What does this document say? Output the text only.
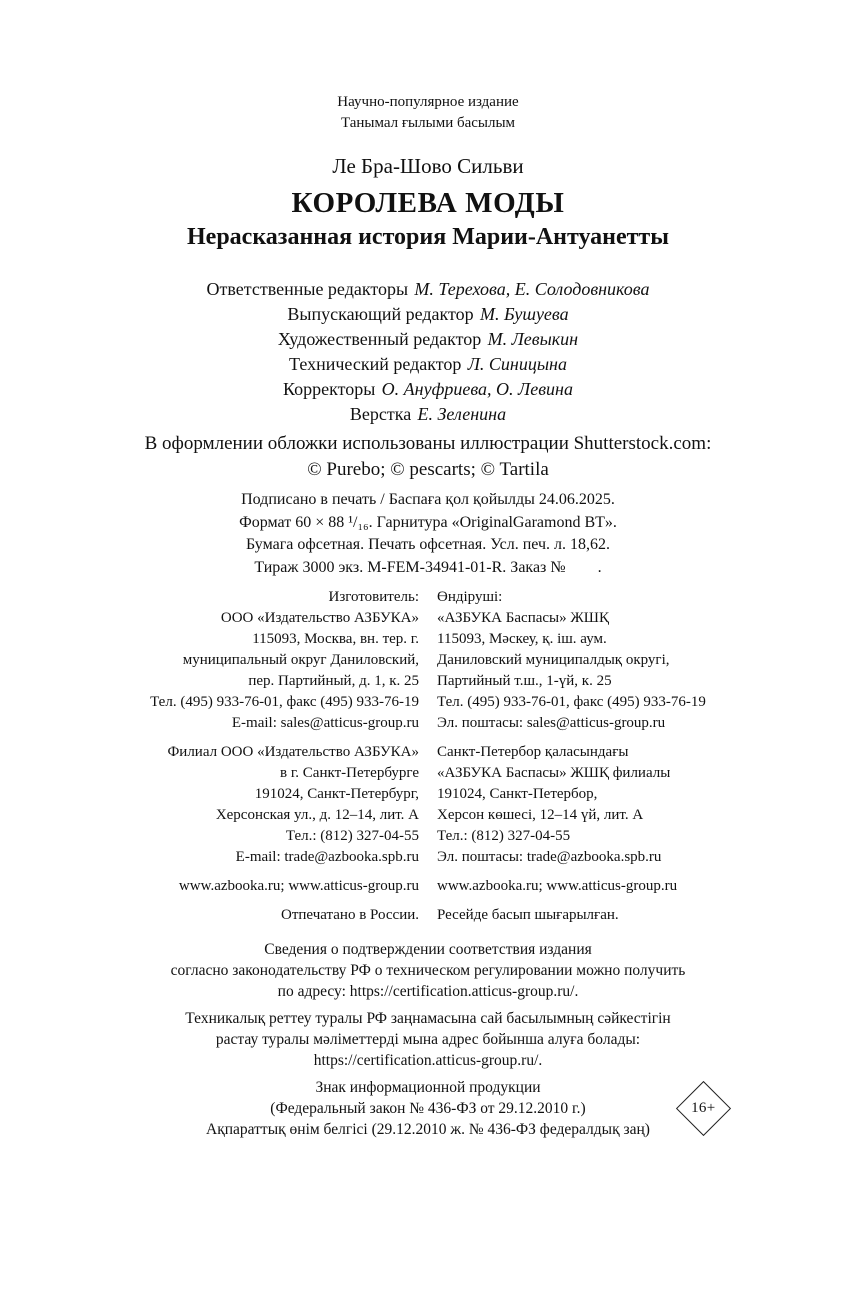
Научно-популярное издание
Танымал ғылыми басылым
Ле Бра-Шово Сильви
КОРОЛЕВА МОДЫ
Нерасказанная история Марии-Антуанетты
Ответственные редакторы М. Терехова, Е. Солодовникова
Выпускающий редактор М. Бушуева
Художественный редактор М. Левыкин
Технический редактор Л. Синицына
Корректоры О. Ануфриева, О. Левина
Верстка Е. Зеленина
В оформлении обложки использованы иллюстрации Shutterstock.com:
© Purebo; © pescarts; © Tartila
Подписано в печать / Баспаға қол қойылды 24.06.2025.
Формат 60 × 88 ¹/₁₆. Гарнитура «OriginalGaramond BT».
Бумага офсетная. Печать офсетная. Усл. печ. л. 18,62.
Тираж 3000 экз. M-FEM-34941-01-R. Заказ №        .
Изготовитель:
ООО «Издательство АЗБУКА»
115093, Москва, вн. тер. г.
муниципальный округ Даниловский,
пер. Партийный, д. 1, к. 25
Тел. (495) 933-76-01, факс (495) 933-76-19
E-mail: sales@atticus-group.ru
Өндіруші:
«АЗБУКА Баспасы» ЖШҚ
115093, Мәскеу, қ. іш. аум.
Даниловский муниципалдық округі,
Партийный т.ш., 1-үй, к. 25
Тел. (495) 933-76-01, факс (495) 933-76-19
Эл. поштасы: sales@atticus-group.ru
Филиал ООО «Издательство АЗБУКА»
в г. Санкт-Петербурге
191024, Санкт-Петербург,
Херсонская ул., д. 12–14, лит. А
Тел.: (812) 327-04-55
E-mail: trade@azbooka.spb.ru
Санкт-Петербор қаласындағы
«АЗБУКА Баспасы» ЖШҚ филиалы
191024, Санкт-Петербор,
Херсон көшесі, 12–14 үй, лит. А
Тел.: (812) 327-04-55
Эл. поштасы: trade@azbooka.spb.ru
www.azbooka.ru; www.atticus-group.ru www.azbooka.ru; www.atticus-group.ru
Отпечатано в России. Ресейде басып шығарылған.
Сведения о подтверждении соответствия издания
согласно законодательству РФ о техническом регулировании можно получить
по адресу: https://certification.atticus-group.ru/.
Техникалық реттеу туралы РФ заңнамасына сай басылымның сәйкестігін
растау туралы мәліметтерді мына адрес бойынша алуға болады:
https://certification.atticus-group.ru/.
Знак информационной продукции
(Федеральный закон № 436-ФЗ от 29.12.2010 г.)
Ақпараттық өнім белгісі (29.12.2010 ж. № 436-ФЗ федералдық заң)
16+
